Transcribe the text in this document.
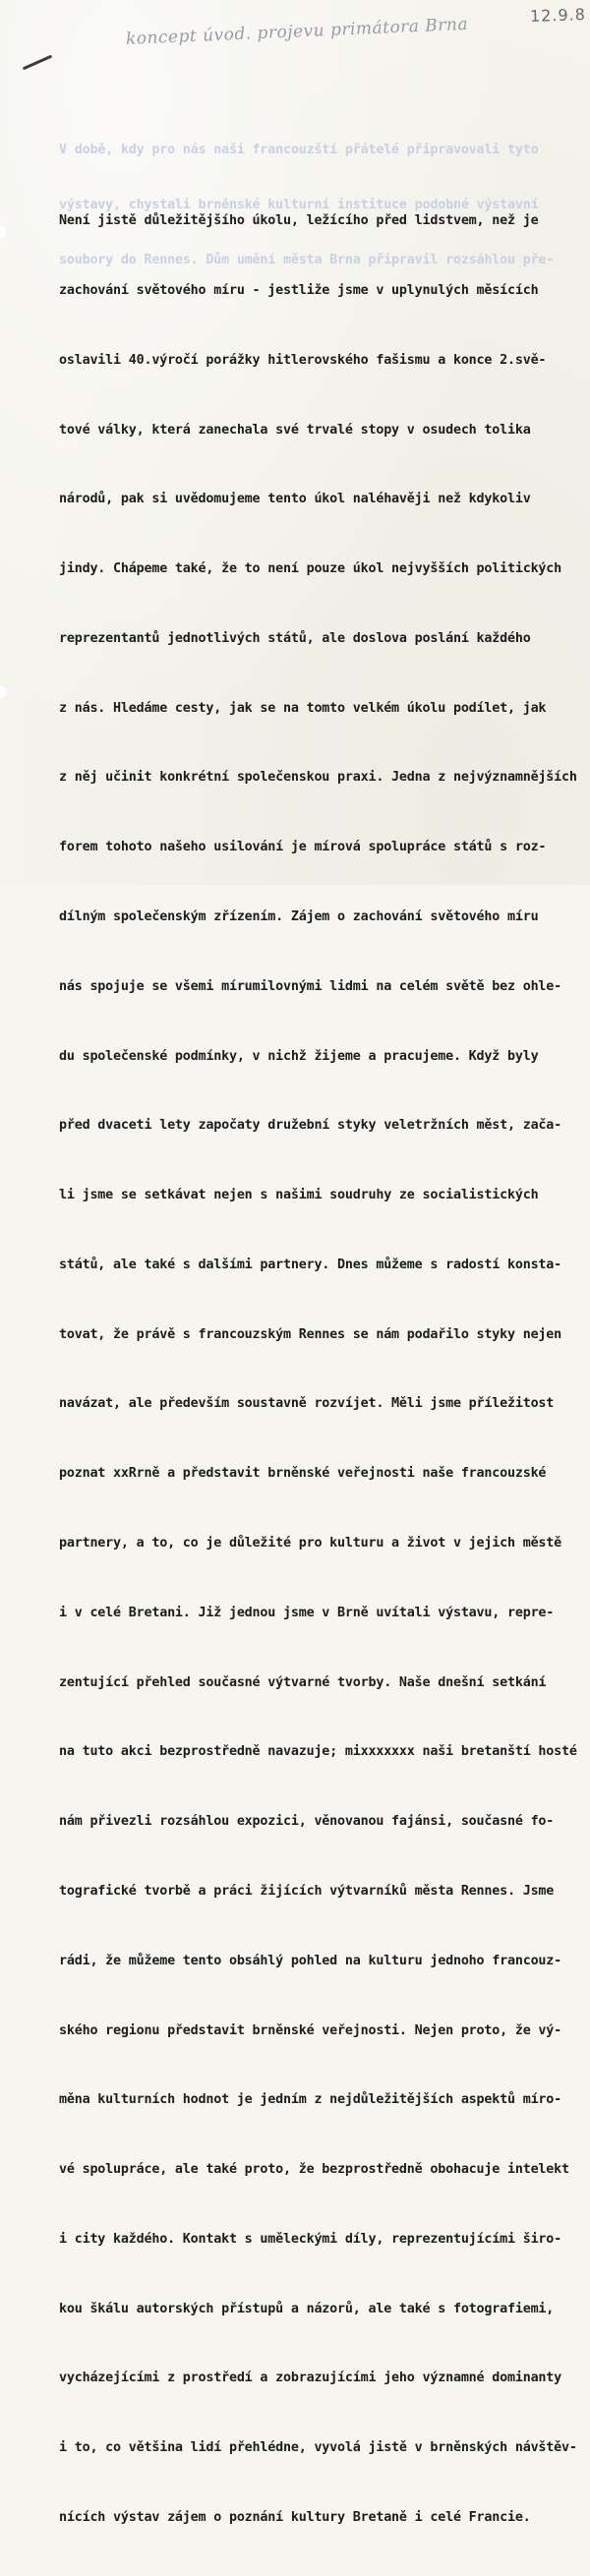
12.9.8
koncept úvod. projevu primátora Brna

V době, kdy pro nás naši francouzští přátelé připravovali tyto

výstavy, chystali brněnské kulturní instituce podobné výstavní

soubory do Rennes. Dům umění města Brna připravil rozsáhlou pře-

Není jistě důležitějšího úkolu, ležícího před lidstvem, než je

zachování světového míru - jestliže jsme v uplynulých měsících

oslavili 40.výročí porážky hitlerovského fašismu a konce 2.svě-

tové války, která zanechala své trvalé stopy v osudech tolika

národů, pak si uvědomujeme tento úkol naléhavěji než kdykoliv

jindy. Chápeme také, že to není pouze úkol nejvyšších politických

reprezentantů jednotlivých států, ale doslova poslání každého

z nás. Hledáme cesty, jak se na tomto velkém úkolu podílet, jak

z něj učinit konkrétní společenskou praxi. Jedna z nejvýznamnějších

forem tohoto našeho usilování je mírová spolupráce států s roz-

dílným společenským zřízením. Zájem o zachování světového míru

nás spojuje se všemi mírumilovnými lidmi na celém světě bez ohle-

du společenské podmínky, v nichž žijeme a pracujeme. Když byly

před dvaceti lety započaty družební styky veletržních měst, zača-

li jsme se setkávat nejen s našimi soudruhy ze socialistických

států, ale také s dalšími partnery. Dnes můžeme s radostí konsta-

tovat, že právě s francouzským Rennes se nám podařilo styky nejen

navázat, ale především soustavně rozvíjet. Měli jsme příležitost

poznat xxRrně a představit brněnské veřejnosti naše francouzské

partnery, a to, co je důležité pro kulturu a život v jejich městě

i v celé Bretani. Již jednou jsme v Brně uvítali výstavu, repre-

zentující přehled současné výtvarné tvorby. Naše dnešní setkání

na tuto akci bezprostředně navazuje; mixxxxxxx naši bretanští hosté

nám přivezli rozsáhlou expozici, věnovanou fajánsi, současné fo-

tografické tvorbě a práci žijících výtvarníků města Rennes. Jsme

rádi, že můžeme tento obsáhlý pohled na kulturu jednoho francouz-

ského regionu představit brněnské veřejnosti. Nejen proto, že vý-

měna kulturních hodnot je jedním z nejdůležitějších aspektů míro-

vé spolupráce, ale také proto, že bezprostředně obohacuje intelekt

i city každého. Kontakt s uměleckými díly, reprezentujícími širo-

kou škálu autorských přístupů a názorů, ale také s fotografiemi,

vycházejícími z prostředí a zobrazujícími jeho významné dominanty

i to, co většina lidí přehlédne, vyvolá jistě v brněnských návštěv-

nících výstav zájem o poznání kultury Bretaně i celé Francie.
